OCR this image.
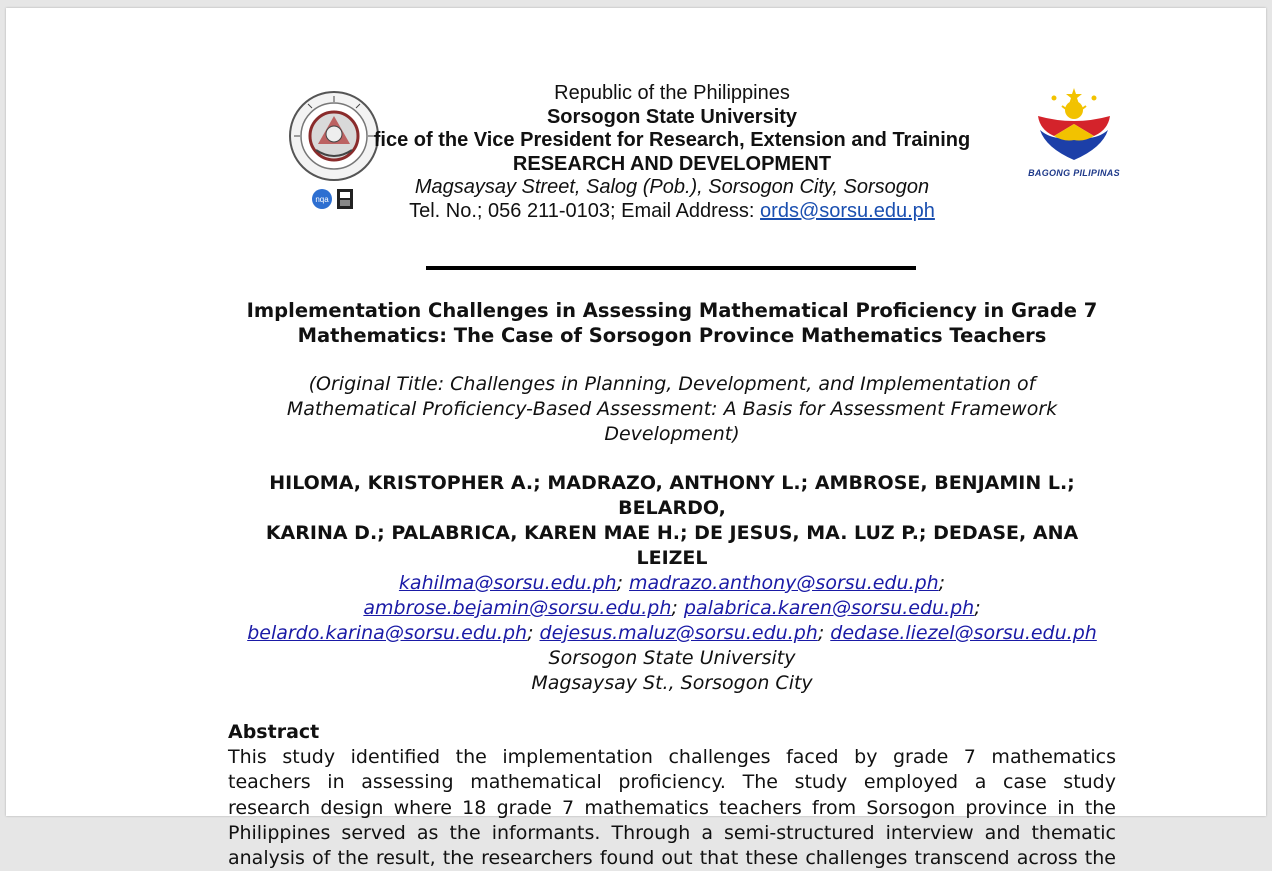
nqa
Republic of the Philippines
Sorsogon State University
fice of the Vice President for Research, Extension and Training
RESEARCH AND DEVELOPMENT
Magsaysay Street, Salog (Pob.), Sorsogon City, Sorsogon
Tel. No.; 056 211-0103; Email Address: ords@sorsu.edu.ph
BAGONG PILIPINAS
Implementation Challenges in Assessing Mathematical Proficiency in Grade 7
Mathematics: The Case of Sorsogon Province Mathematics Teachers
(Original Title: Challenges in Planning, Development, and Implementation of
Mathematical Proficiency-Based Assessment: A Basis for Assessment Framework
Development)
HILOMA, KRISTOPHER A.; MADRAZO, ANTHONY L.; AMBROSE, BENJAMIN L.; BELARDO,
KARINA D.; PALABRICA, KAREN MAE H.; DE JESUS, MA. LUZ P.; DEDASE, ANA LEIZEL
kahilma@sorsu.edu.ph; madrazo.anthony@sorsu.edu.ph;
ambrose.bejamin@sorsu.edu.ph; palabrica.karen@sorsu.edu.ph;
belardo.karina@sorsu.edu.ph; dejesus.maluz@sorsu.edu.ph; dedase.liezel@sorsu.edu.ph
Sorsogon State University
Magsaysay St., Sorsogon City
Abstract
This study identified the implementation challenges faced by grade 7 mathematics
teachers in assessing mathematical proficiency. The study employed a case study
research design where 18 grade 7 mathematics teachers from Sorsogon province in the
Philippines served as the informants. Through a semi-structured interview and thematic
analysis of the result, the researchers found out that these challenges transcend across the
